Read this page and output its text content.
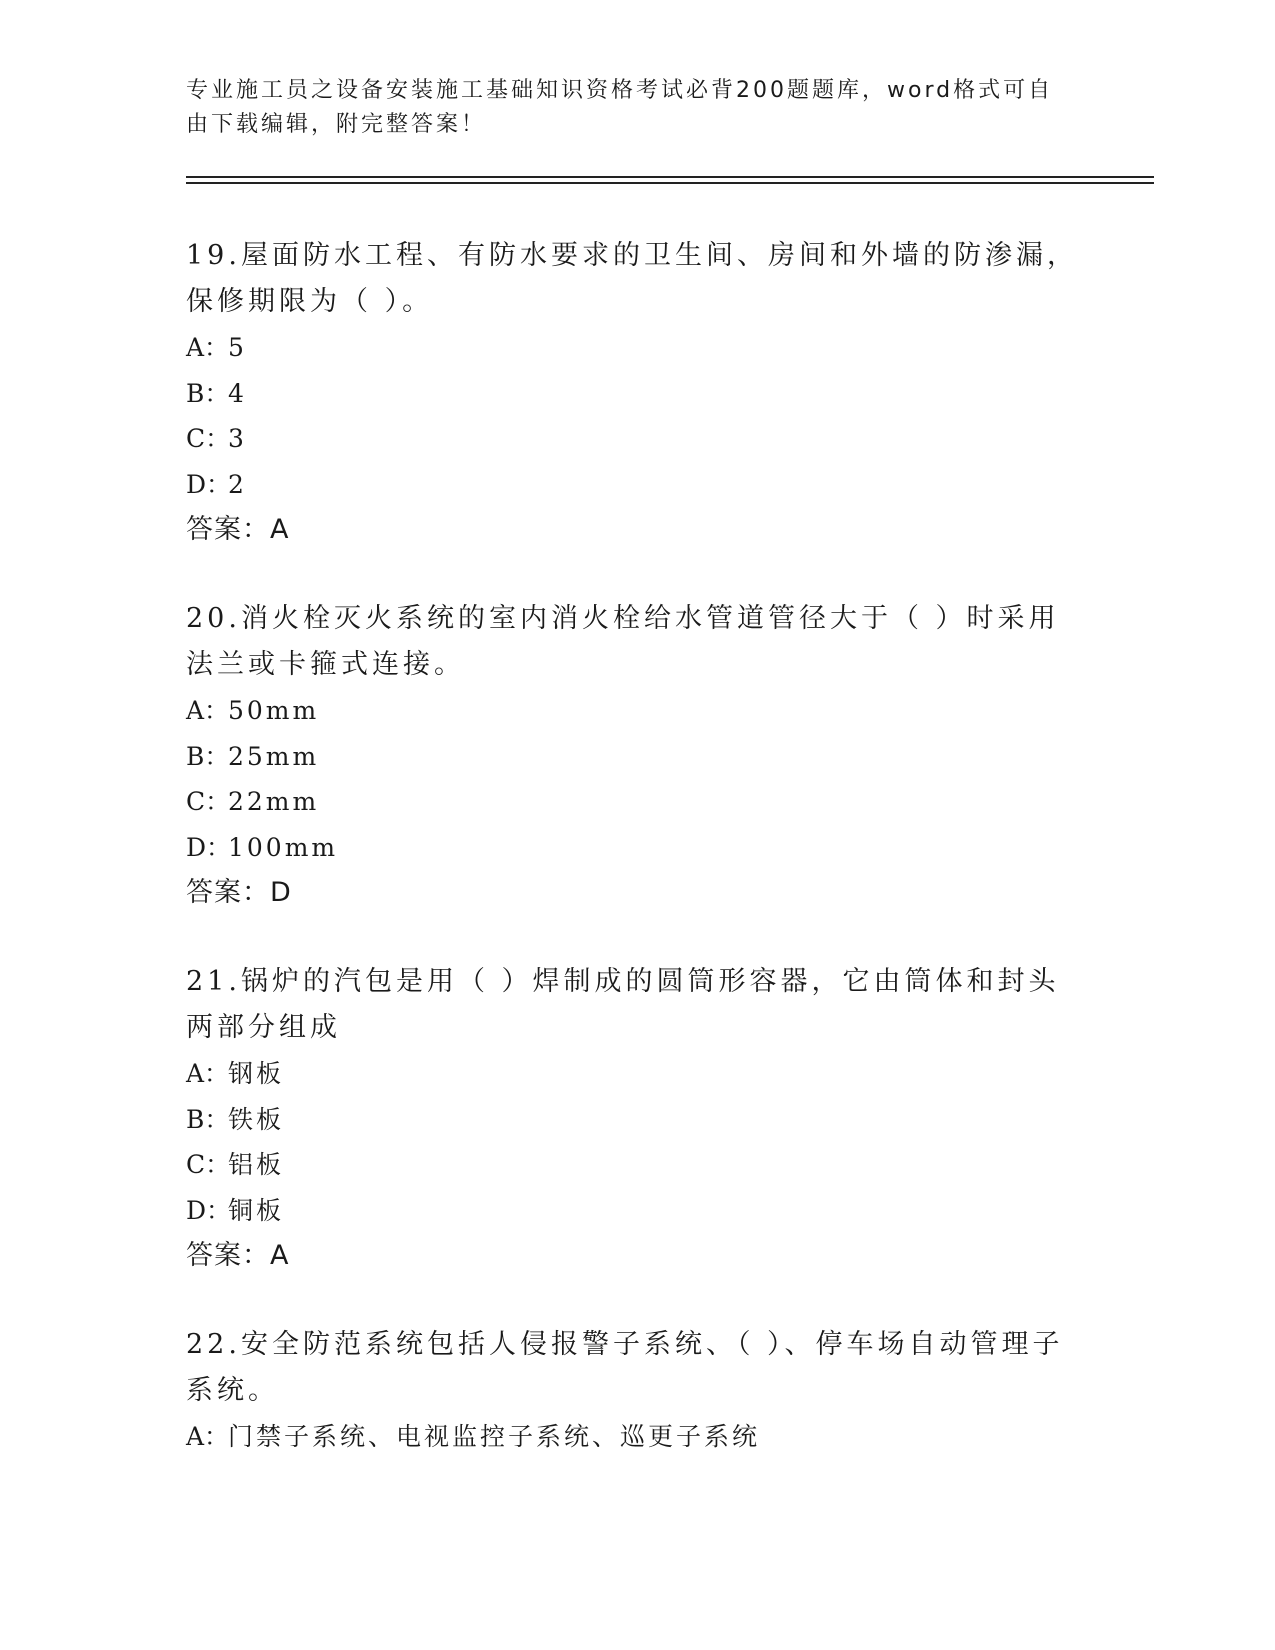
专业施工员之设备安装施工基础知识资格考试必背200题题库，word格式可自由下载编辑，附完整答案！

19.屋面防水工程、有防水要求的卫生间、房间和外墙的防渗漏，保修期限为（ ）。

A：5

B：4

C：3

D：2

答案：A

20.消火栓灭火系统的室内消火栓给水管道管径大于（ ）时采用法兰或卡箍式连接。

A：50mm

B：25mm

C：22mm

D：100mm

答案：D

21.锅炉的汽包是用（ ）焊制成的圆筒形容器，它由筒体和封头两部分组成

A：钢板

B：铁板

C：铝板

D：铜板

答案：A

22.安全防范系统包括人侵报警子系统、（ ）、停车场自动管理子系统。

A：门禁子系统、电视监控子系统、巡更子系统
